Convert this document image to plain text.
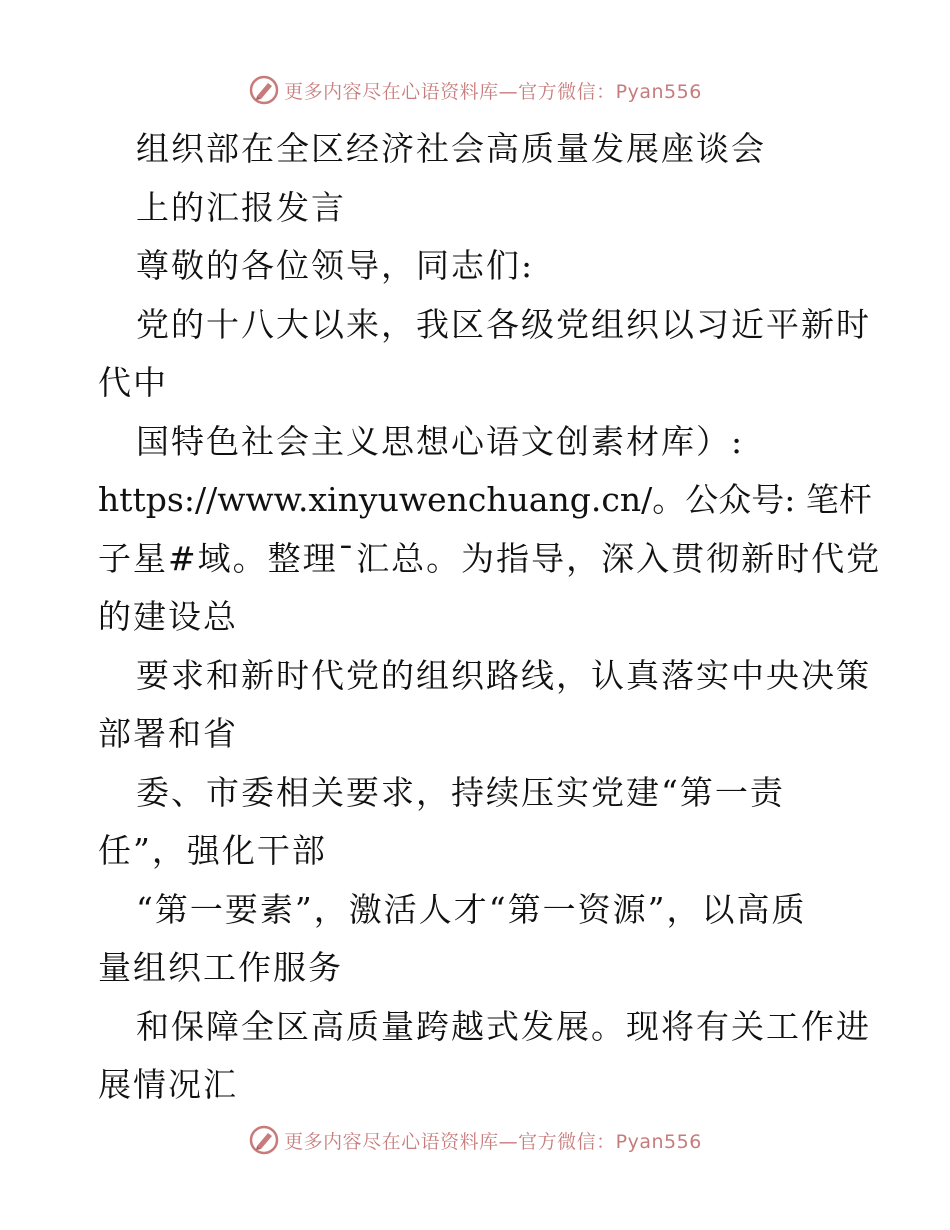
更多内容尽在心语资料库—官方微信：Pyan556
组织部在全区经济社会高质量发展座谈会
上的汇报发言
尊敬的各位领导，同志们:
党的十八大以来，我区各级党组织以习近平新时
代中
国特色社会主义思想心语文创素材库）:
https://www.xinyuwenchuang.cn/。公众号: 笔杆
子星#域。整理¯汇总。为指导，深入贯彻新时代党
的建设总
要求和新时代党的组织路线，认真落实中央决策
部署和省
委、市委相关要求，持续压实党建“第一责
任”，强化干部
“第一要素”，激活人才“第一资源”，以高质
量组织工作服务
和保障全区高质量跨越式发展。现将有关工作进
展情况汇
更多内容尽在心语资料库—官方微信：Pyan556
